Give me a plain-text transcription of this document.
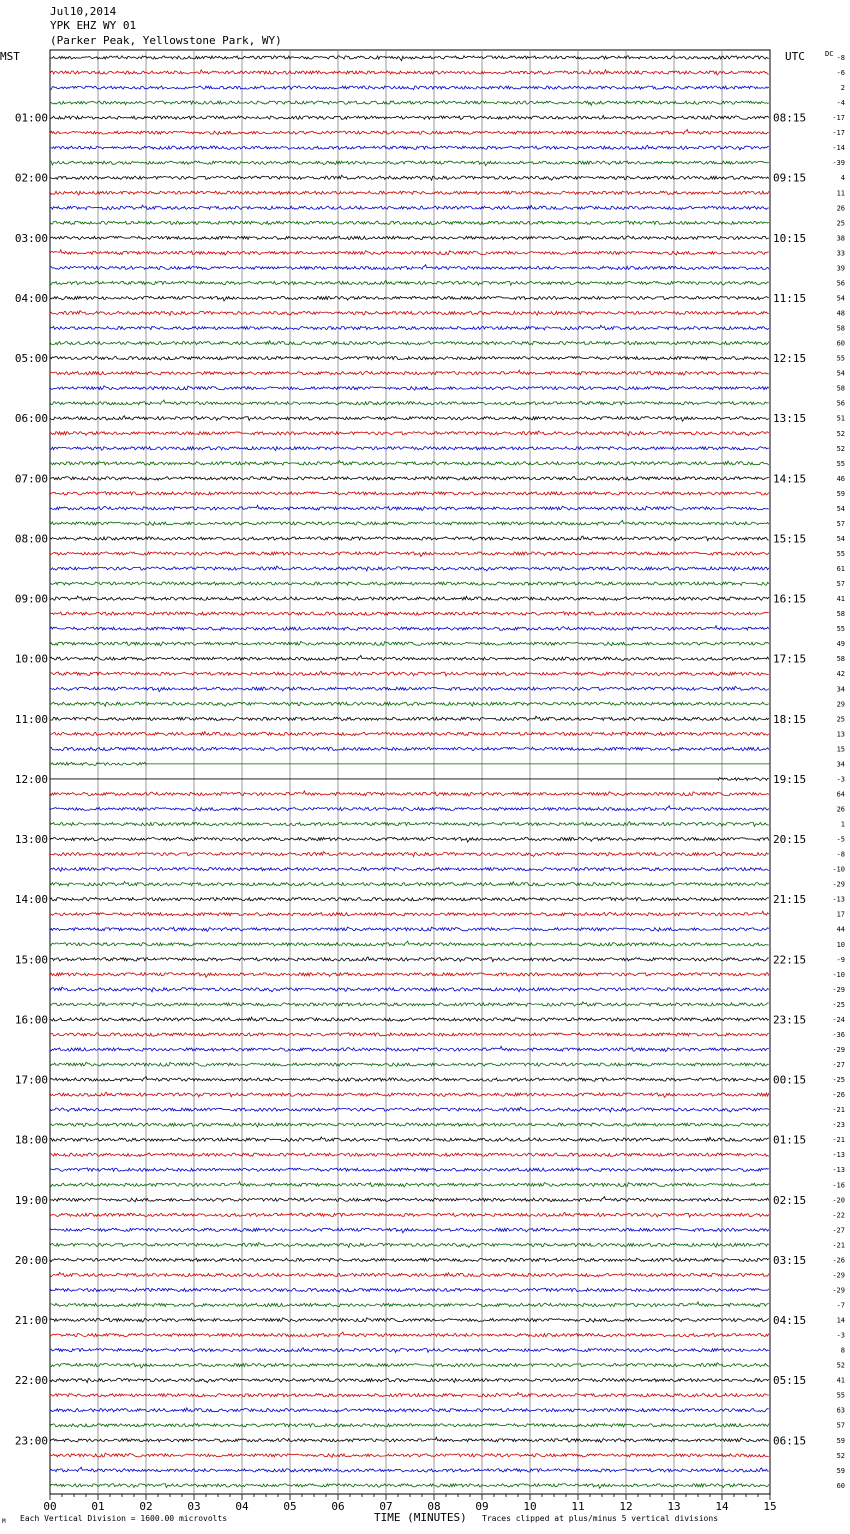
Jul10,2014
YPK EHZ WY 01
(Parker Peak, Yellowstone Park, WY)
MST	UTC	DC
01:00
02:00
03:00
04:00
05:00
06:00
07:00
08:00
09:00
10:00
11:00
12:00
13:00
14:00
15:00
16:00
17:00
18:00
19:00
20:00
21:00
22:00
23:00
08:15
09:15
10:15
11:15
12:15
13:15
14:15
15:15
16:15
17:15
18:15
19:15
20:15
21:15
22:15
23:15
00:15
01:15
02:15
03:15
04:15
05:15
06:15
-8
-6
2
-4
-17
-17
-14
-39
4
11
26
25
38
33
39
56
54
48
58
60
55
54
58
56
51
52
52
55
46
59
54
57
54
55
61
57
41
58
55
49
58
42
34
29
25
13
15
34
-3
64
26
1
-5
-8
-10
-29
-13
17
44
10
-9
-10
-29
-25
-24
-36
-29
-27
-25
-26
-21
-23
-21
-13
-13
-16
-20
-22
-27
-21
-26
-29
-29
-7
14
-3
8
52
41
55
63
57
59
52
59
60
00	01	02	03	04	05	06	07	08	09	10	11	12	13	14	15
Each Vertical Division = 1600.00 microvolts	TIME (MINUTES) Traces clipped at plus/minus 5 vertical divisions
M
